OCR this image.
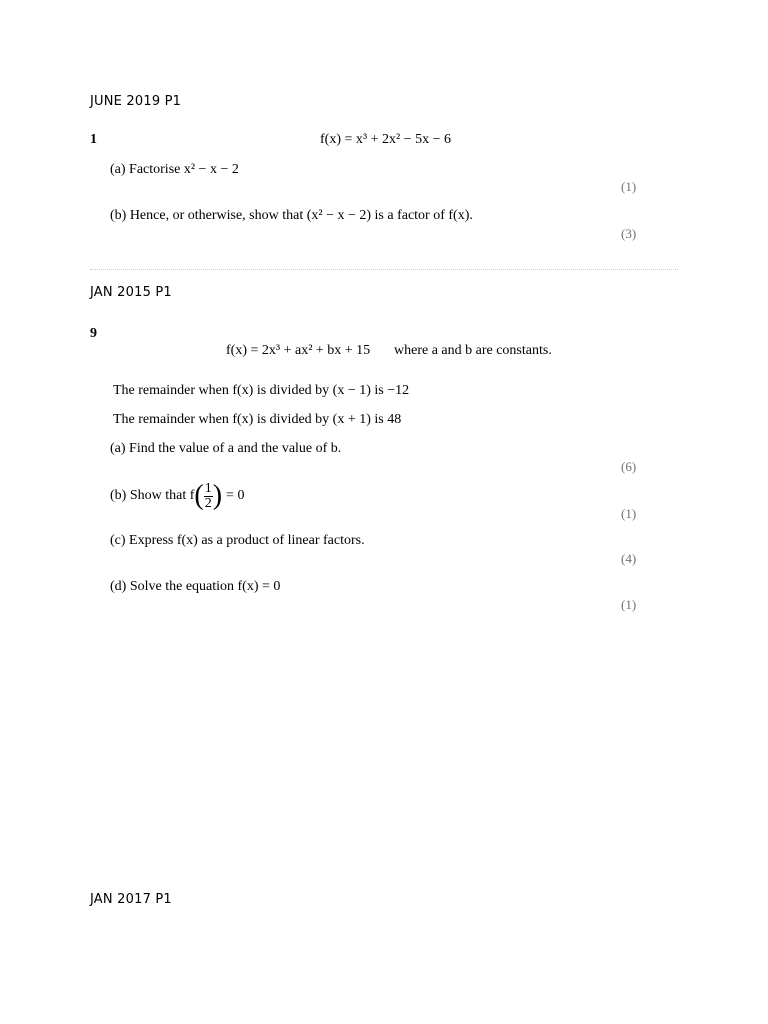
JUNE 2019 P1
1	f(x) = x³ + 2x² − 5x − 6
(a) Factorise x² − x − 2
(1)
(b) Hence, or otherwise, show that (x² − x − 2) is a factor of f(x).
(3)
JAN 2015 P1
9
f(x) = 2x³ + ax² + bx + 15 where a and b are constants.
The remainder when f(x) is divided by (x − 1) is −12
The remainder when f(x) is divided by (x + 1) is 48
(a) Find the value of a and the value of b.
(6)
(b) Show that f ( $\frac{1}{2}$ ) = 0
(1)
(c) Express f(x) as a product of linear factors.
(4)
(d) Solve the equation f(x) = 0
(1)
JAN 2017 P1
